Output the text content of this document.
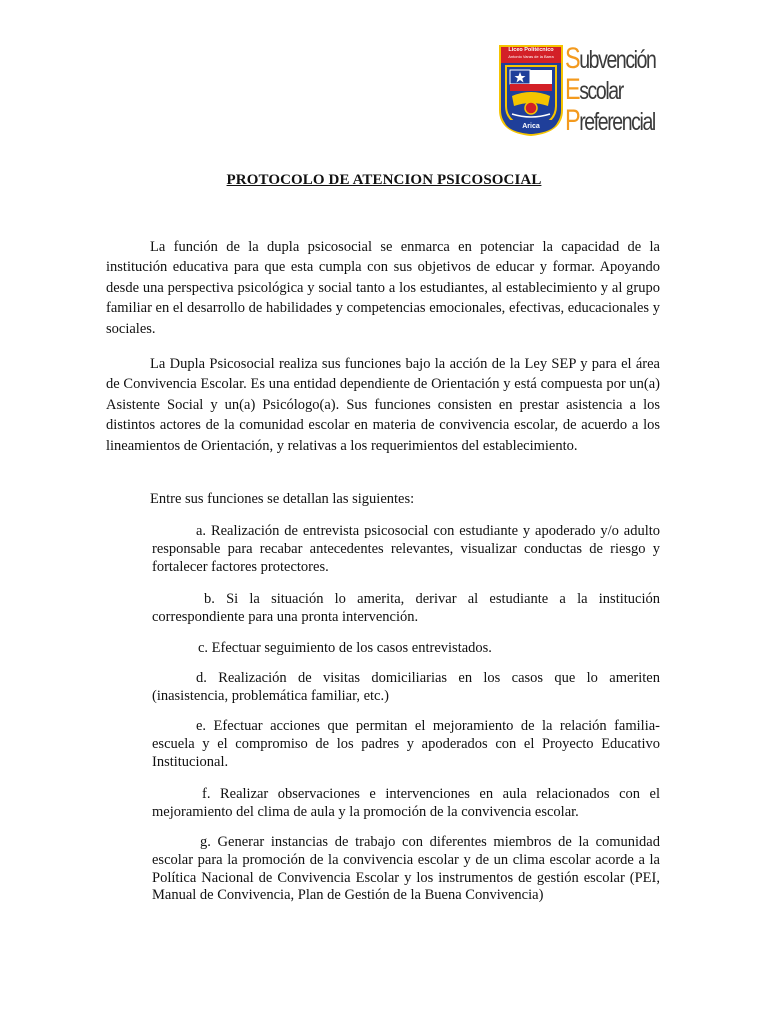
Liceo Politécnico
Antonio Varas de la Barra
Arica
Subvención
Escolar
Preferencial
PROTOCOLO DE ATENCION PSICOSOCIAL

La función de la dupla psicosocial se enmarca en potenciar la capacidad de la institución educativa para que esta cumpla con sus objetivos de educar y formar. Apoyando desde una perspectiva psicológica y social tanto a los estudiantes, al establecimiento y al grupo familiar en el desarrollo de habilidades y competencias emocionales, efectivas, educacionales y sociales.

La Dupla Psicosocial realiza sus funciones bajo la acción de la Ley SEP y para el área de Convivencia Escolar. Es una entidad dependiente de Orientación y está compuesta por un(a) Asistente Social y un(a) Psicólogo(a). Sus funciones consisten en prestar asistencia a los distintos actores de la comunidad escolar en materia de convivencia escolar, de acuerdo a los lineamientos de Orientación, y relativas a los requerimientos del establecimiento.

Entre sus funciones se detallan las siguientes:

a. Realización de entrevista psicosocial con estudiante y apoderado y/o adulto responsable para recabar antecedentes relevantes, visualizar conductas de riesgo y fortalecer factores protectores.

b. Si la situación lo amerita, derivar al estudiante a la institución correspondiente para una pronta intervención.

c. Efectuar seguimiento de los casos entrevistados.

d. Realización de visitas domiciliarias en los casos que lo ameriten (inasistencia, problemática familiar, etc.)

e. Efectuar acciones que permitan el mejoramiento de la relación familia-escuela y el compromiso de los padres y apoderados con el Proyecto Educativo Institucional.

f. Realizar observaciones e intervenciones en aula relacionados con el mejoramiento del clima de aula y la promoción de la convivencia escolar.

g. Generar instancias de trabajo con diferentes miembros de la comunidad escolar para la promoción de la convivencia escolar y de un clima escolar acorde a la Política Nacional de Convivencia Escolar y los instrumentos de gestión escolar (PEI, Manual de Convivencia, Plan de Gestión de la Buena Convivencia)
